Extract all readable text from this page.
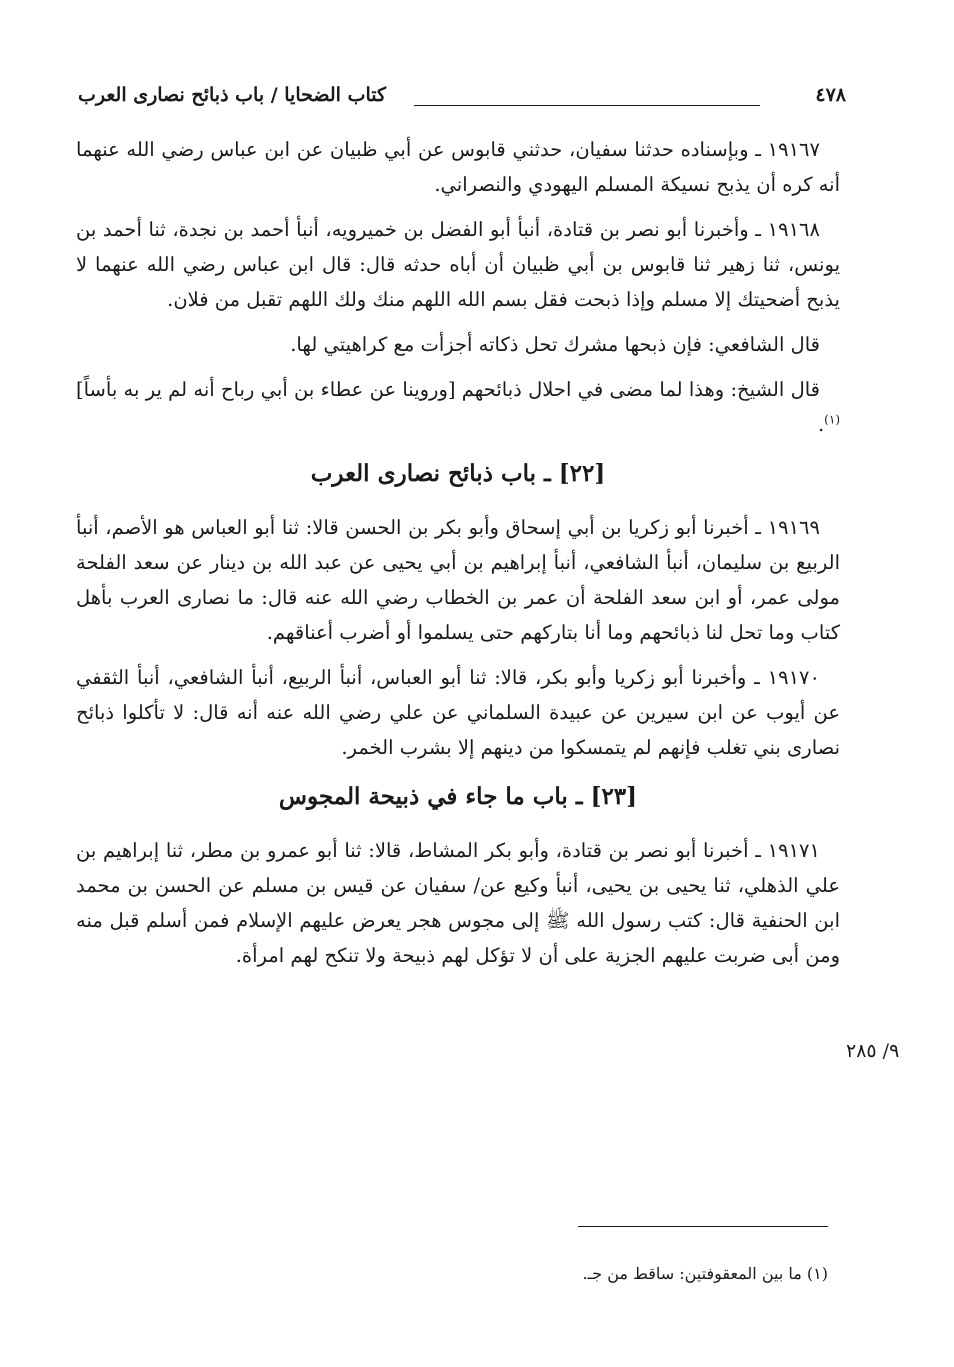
كتاب الضحايا / باب ذبائح نصارى العرب	٤٧٨

١٩١٦٧ ـ وبإسناده حدثنا سفيان، حدثني قابوس عن أبي ظبيان عن ابن عباس رضي الله عنهما أنه كره أن يذبح نسيكة المسلم اليهودي والنصراني.

١٩١٦٨ ـ وأخبرنا أبو نصر بن قتادة، أنبأ أبو الفضل بن خميرويه، أنبأ أحمد بن نجدة، ثنا أحمد بن يونس، ثنا زهير ثنا قابوس بن أبي ظبيان أن أباه حدثه قال: قال ابن عباس رضي الله عنهما لا يذبح أضحيتك إلا مسلم وإذا ذبحت فقل بسم الله اللهم منك ولك اللهم تقبل من فلان.

قال الشافعي: فإن ذبحها مشرك تحل ذكاته أجزأت مع كراهيتي لها.

قال الشيخ: وهذا لما مضى في احلال ذبائحهم [وروينا عن عطاء بن أبي رباح أنه لم ير به بأساً]$^{(١)}$.

[٢٢] ـ باب ذبائح نصارى العرب

١٩١٦٩ ـ أخبرنا أبو زكريا بن أبي إسحاق وأبو بكر بن الحسن قالا: ثنا أبو العباس هو الأصم، أنبأ الربيع بن سليمان، أنبأ الشافعي، أنبأ إبراهيم بن أبي يحيى عن عبد الله بن دينار عن سعد الفلحة مولى عمر، أو ابن سعد الفلحة أن عمر بن الخطاب رضي الله عنه قال: ما نصارى العرب بأهل كتاب وما تحل لنا ذبائحهم وما أنا بتاركهم حتى يسلموا أو أضرب أعناقهم.

١٩١٧٠ ـ وأخبرنا أبو زكريا وأبو بكر، قالا: ثنا أبو العباس، أنبأ الربيع، أنبأ الشافعي، أنبأ الثقفي عن أيوب عن ابن سيرين عن عبيدة السلماني عن علي رضي الله عنه أنه قال: لا تأكلوا ذبائح نصارى بني تغلب فإنهم لم يتمسكوا من دينهم إلا بشرب الخمر.

[٢٣] ـ باب ما جاء في ذبيحة المجوس

١٩١٧١ ـ أخبرنا أبو نصر بن قتادة، وأبو بكر المشاط، قالا: ثنا أبو عمرو بن مطر، ثنا إبراهيم بن علي الذهلي، ثنا يحيى بن يحيى، أنبأ وكيع عن/ سفيان عن قيس بن مسلم عن الحسن بن محمد ابن الحنفية قال: كتب رسول الله ﷺ إلى مجوس هجر يعرض عليهم الإسلام فمن أسلم قبل منه ومن أبى ضربت عليهم الجزية على أن لا تؤكل لهم ذبيحة ولا تنكح لهم امرأة.

٩/ ٢٨٥
(١) ما بين المعقوفتين: ساقط من جـ.
